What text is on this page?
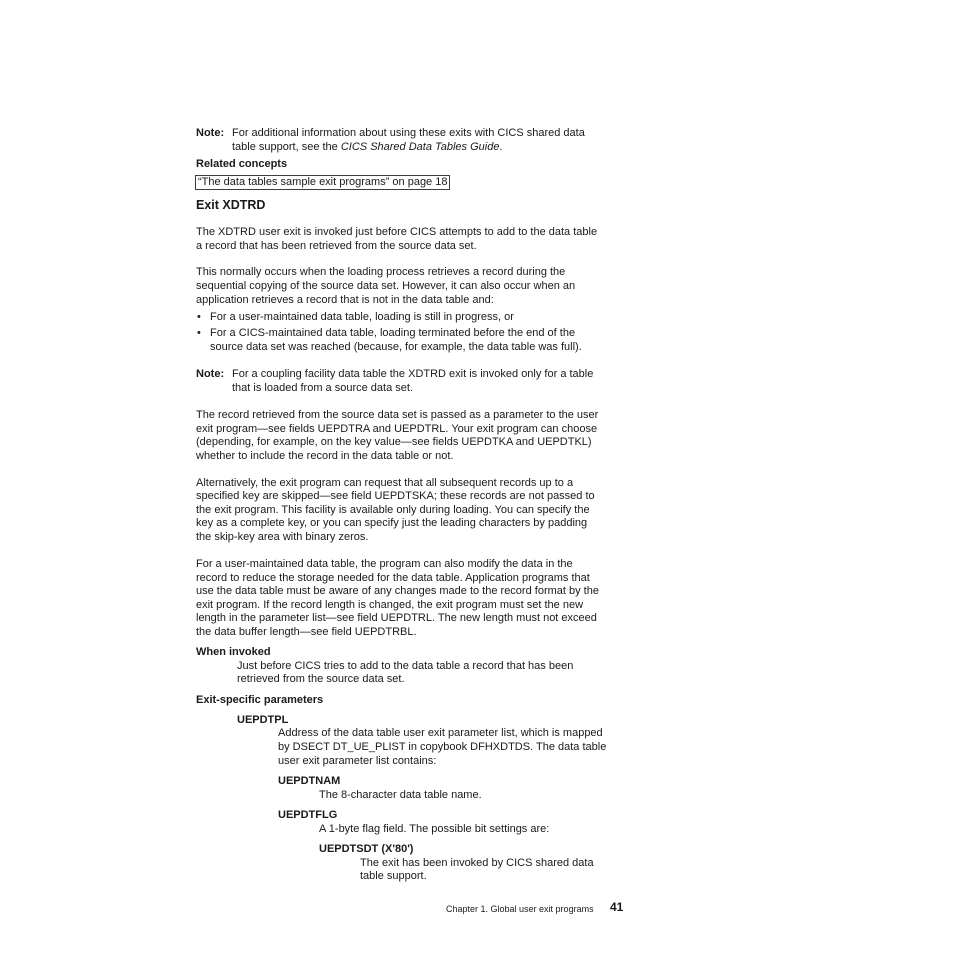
Note: For additional information about using these exits with CICS shared data

table support, see the CICS Shared Data Tables Guide.

Related concepts

“The data tables sample exit programs” on page 18
Exit XDTRD

The XDTRD user exit is invoked just before CICS attempts to add to the data table

a record that has been retrieved from the source data set.

This normally occurs when the loading process retrieves a record during the

sequential copying of the source data set. However, it can also occur when an

application retrieves a record that is not in the data table and:

• For a user-maintained data table, loading is still in progress, or

• For a CICS-maintained data table, loading terminated before the end of the

source data set was reached (because, for example, the data table was full).

Note: For a coupling facility data table the XDTRD exit is invoked only for a table

that is loaded from a source data set.

The record retrieved from the source data set is passed as a parameter to the user

exit program—see fields UEPDTRA and UEPDTRL. Your exit program can choose

(depending, for example, on the key value—see fields UEPDTKA and UEPDTKL)

whether to include the record in the data table or not.

Alternatively, the exit program can request that all subsequent records up to a

specified key are skipped—see field UEPDTSKA; these records are not passed to

the exit program. This facility is available only during loading. You can specify the

key as a complete key, or you can specify just the leading characters by padding

the skip-key area with binary zeros.

For a user-maintained data table, the program can also modify the data in the

record to reduce the storage needed for the data table. Application programs that

use the data table must be aware of any changes made to the record format by the

exit program. If the record length is changed, the exit program must set the new

length in the parameter list—see field UEPDTRL. The new length must not exceed

the data buffer length—see field UEPDTRBL.

When invoked

Just before CICS tries to add to the data table a record that has been

retrieved from the source data set.

Exit-specific parameters

UEPDTPL

Address of the data table user exit parameter list, which is mapped

by DSECT DT_UE_PLIST in copybook DFHXDTDS. The data table

user exit parameter list contains:

UEPDTNAM

The 8-character data table name.

UEPDTFLG

A 1-byte flag field. The possible bit settings are:

UEPDTSDT (X'80')

The exit has been invoked by CICS shared data

table support.

Chapter 1. Global user exit programs 41
